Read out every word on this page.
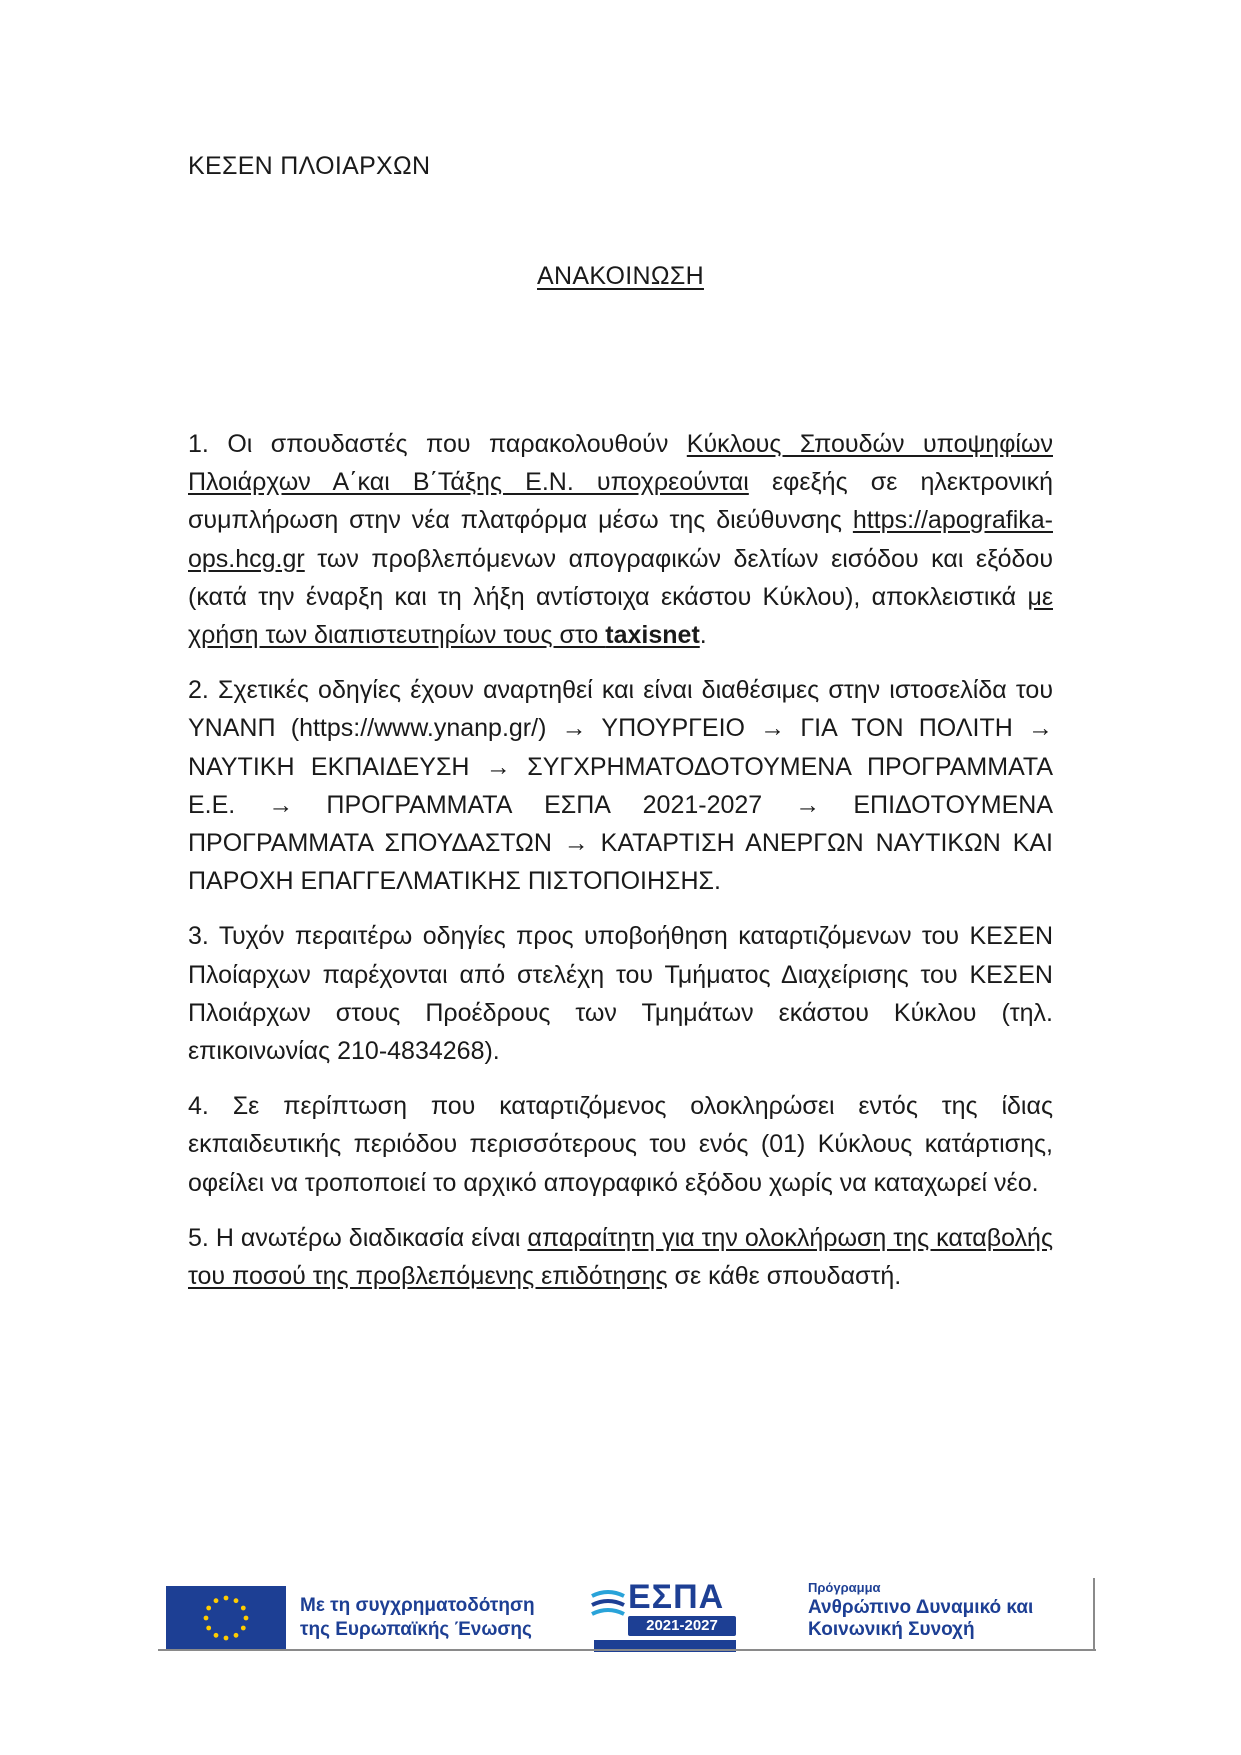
ΚΕΣΕΝ ΠΛΟΙΑΡΧΩΝ
ΑΝΑΚΟΙΝΩΣΗ

1. Οι σπουδαστές που παρακολουθούν Κύκλους Σπουδών υποψηφίων Πλοιάρχων Α΄και Β΄Τάξης Ε.Ν. υποχρεούνται εφεξής σε ηλεκτρονική συμπλήρωση στην νέα πλατφόρμα μέσω της διεύθυνσης https://apografika-ops.hcg.gr των προβλεπόμενων απογραφικών δελτίων εισόδου και εξόδου (κατά την έναρξη και τη λήξη αντίστοιχα εκάστου Κύκλου), αποκλειστικά με χρήση των διαπιστευτηρίων τους στο taxisnet.

2. Σχετικές οδηγίες έχουν αναρτηθεί και είναι διαθέσιμες στην ιστοσελίδα του ΥΝΑΝΠ (https://www.ynanp.gr/) → ΥΠΟΥΡΓΕΙΟ → ΓΙΑ ΤΟΝ ΠΟΛΙΤΗ → ΝΑΥΤΙΚΗ ΕΚΠΑΙΔΕΥΣΗ → ΣΥΓΧΡΗΜΑΤΟΔΟΤΟΥΜΕΝΑ ΠΡΟΓΡΑΜΜΑΤΑ Ε.Ε. → ΠΡΟΓΡΑΜΜΑΤΑ ΕΣΠΑ 2021-2027 → ΕΠΙΔΟΤΟΥΜΕΝΑ ΠΡΟΓΡΑΜΜΑΤΑ ΣΠΟΥΔΑΣΤΩΝ → ΚΑΤΑΡΤΙΣΗ ΑΝΕΡΓΩΝ ΝΑΥΤΙΚΩΝ ΚΑΙ ΠΑΡΟΧΗ ΕΠΑΓΓΕΛΜΑΤΙΚΗΣ ΠΙΣΤΟΠΟΙΗΣΗΣ.

3. Τυχόν περαιτέρω οδηγίες προς υποβοήθηση καταρτιζόμενων του ΚΕΣΕΝ Πλοίαρχων παρέχονται από στελέχη του Τμήματος Διαχείρισης του ΚΕΣΕΝ Πλοιάρχων στους Προέδρους των Τμημάτων εκάστου Κύκλου (τηλ. επικοινωνίας 210-4834268).

4. Σε περίπτωση που καταρτιζόμενος ολοκληρώσει εντός της ίδιας εκπαιδευτικής περιόδου περισσότερους του ενός (01) Κύκλους κατάρτισης, οφείλει να τροποποιεί το αρχικό απογραφικό εξόδου χωρίς να καταχωρεί νέο.

5. Η ανωτέρω διαδικασία είναι απαραίτητη για την ολοκλήρωση της καταβολής του ποσού της προβλεπόμενης επιδότησης σε κάθε σπουδαστή.

Με τη συγχρηματοδότηση
της Ευρωπαϊκής Ένωσης
ΕΣΠΑ
2021-2027
Πρόγραμμα
Ανθρώπινο Δυναμικό και
Κοινωνική Συνοχή
